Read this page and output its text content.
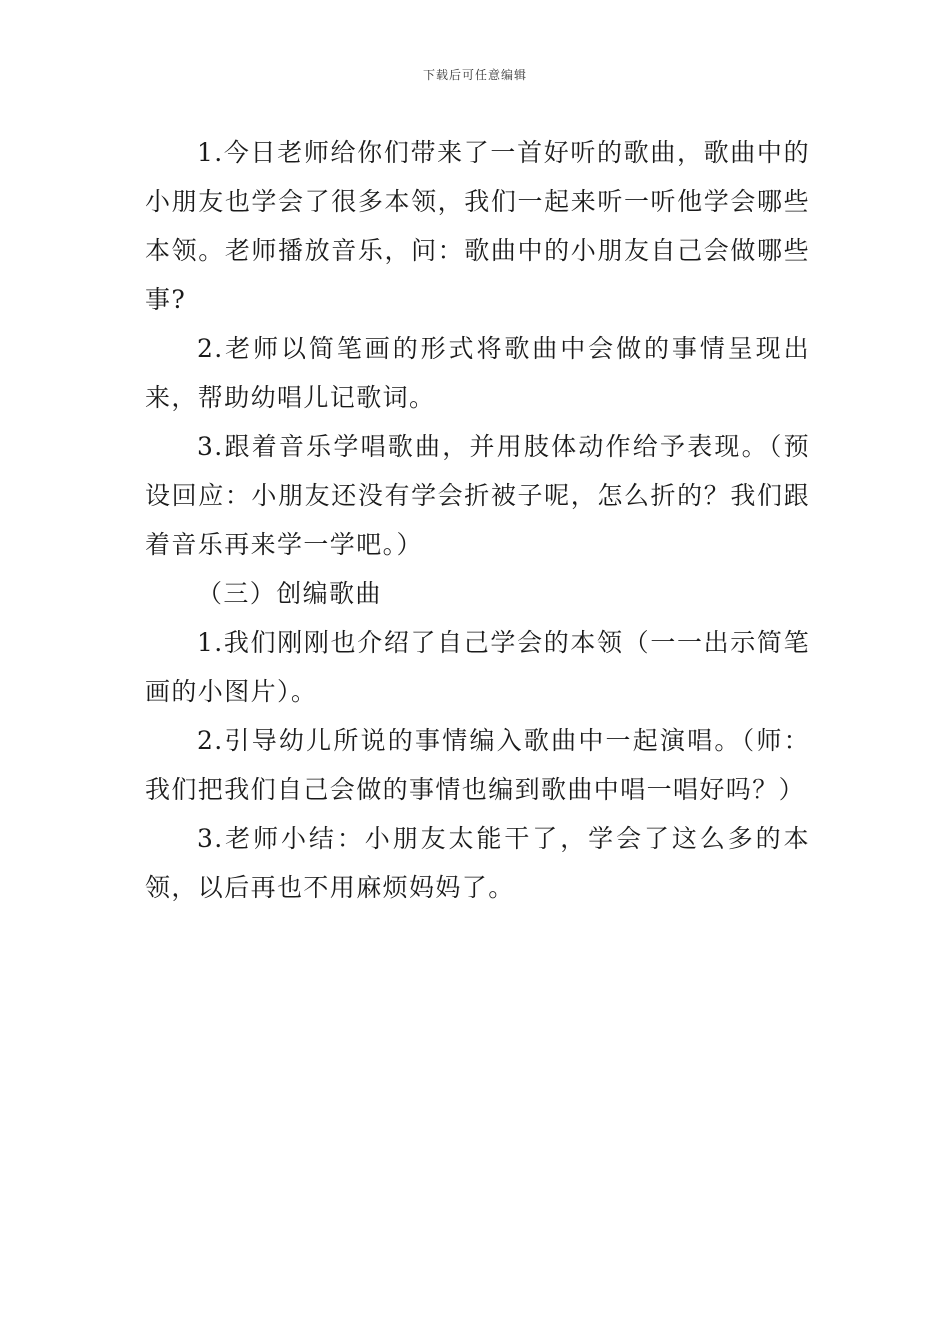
下载后可任意编辑

1.今日老师给你们带来了一首好听的歌曲，歌曲中的小朋友也学会了很多本领，我们一起来听一听他学会哪些本领。老师播放音乐，问：歌曲中的小朋友自己会做哪些事?

2.老师以简笔画的形式将歌曲中会做的事情呈现出来，帮助幼唱儿记歌词。

3.跟着音乐学唱歌曲，并用肢体动作给予表现。（预设回应：小朋友还没有学会折被子呢，怎么折的？我们跟着音乐再来学一学吧。）

（三）创编歌曲

1.我们刚刚也介绍了自己学会的本领（一一出示简笔画的小图片）。

2.引导幼儿所说的事情编入歌曲中一起演唱。（师：我们把我们自己会做的事情也编到歌曲中唱一唱好吗？）

3.老师小结：小朋友太能干了，学会了这么多的本领，以后再也不用麻烦妈妈了。
